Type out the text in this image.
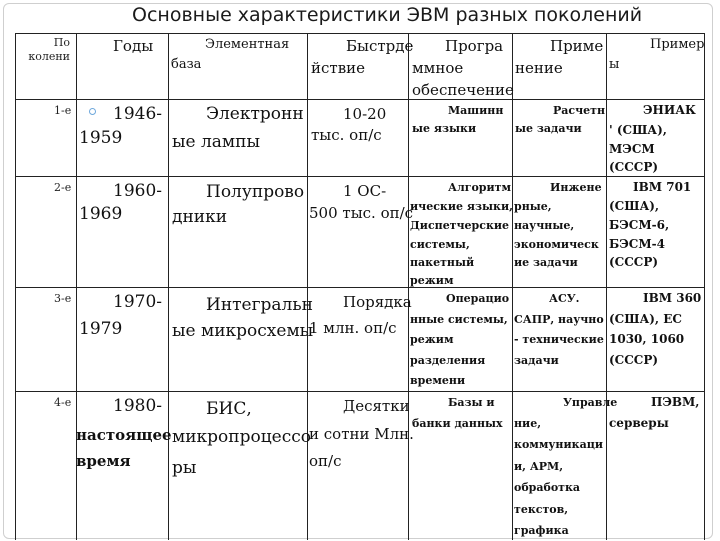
Основные характеристики ЭВМ разных поколений
По
колени
Годы	Элементная
база
Быстрде
йствие
Програ
ммное
обеспечение
Приме
нение
Пример
ы
1-е 1946-
1959
Электронн
ые лампы
10-20
тыс. оп/с
Машинн
ые языки
Расчетн
ые задачи
ЭНИАК
' (США),
МЭСМ
(СССР)
2-е 1960-
1969
Полупрово
дники
1 ОС-
500 тыс. оп/с
Алгоритм
ические языки,
Диспетчерские
системы,
пакетный
режим
Инжене
рные,
научные,
экономическ
ие задачи
IBM 701
(США),
БЭСМ-6,
БЭСМ-4
(СССР)
3-е 1970-
1979
Интегральн
ые микросхемы
Порядка
1 млн. оп/с
Операцио
нные системы,
режим
разделения
времени
АСУ.
САПР, научно
- технические
задачи
IBM 360
(США), ЕС
1030, 1060
(СССР)
4-е 1980-
настоящее
время
БИС,
микропроцессо
ры
Десятки
и сотни Млн.
оп/с
Базы и
банки данных
Управле
ние,
коммуникаци
и, АРМ,
обработка
текстов,
графика
ПЭВМ,
серверы
